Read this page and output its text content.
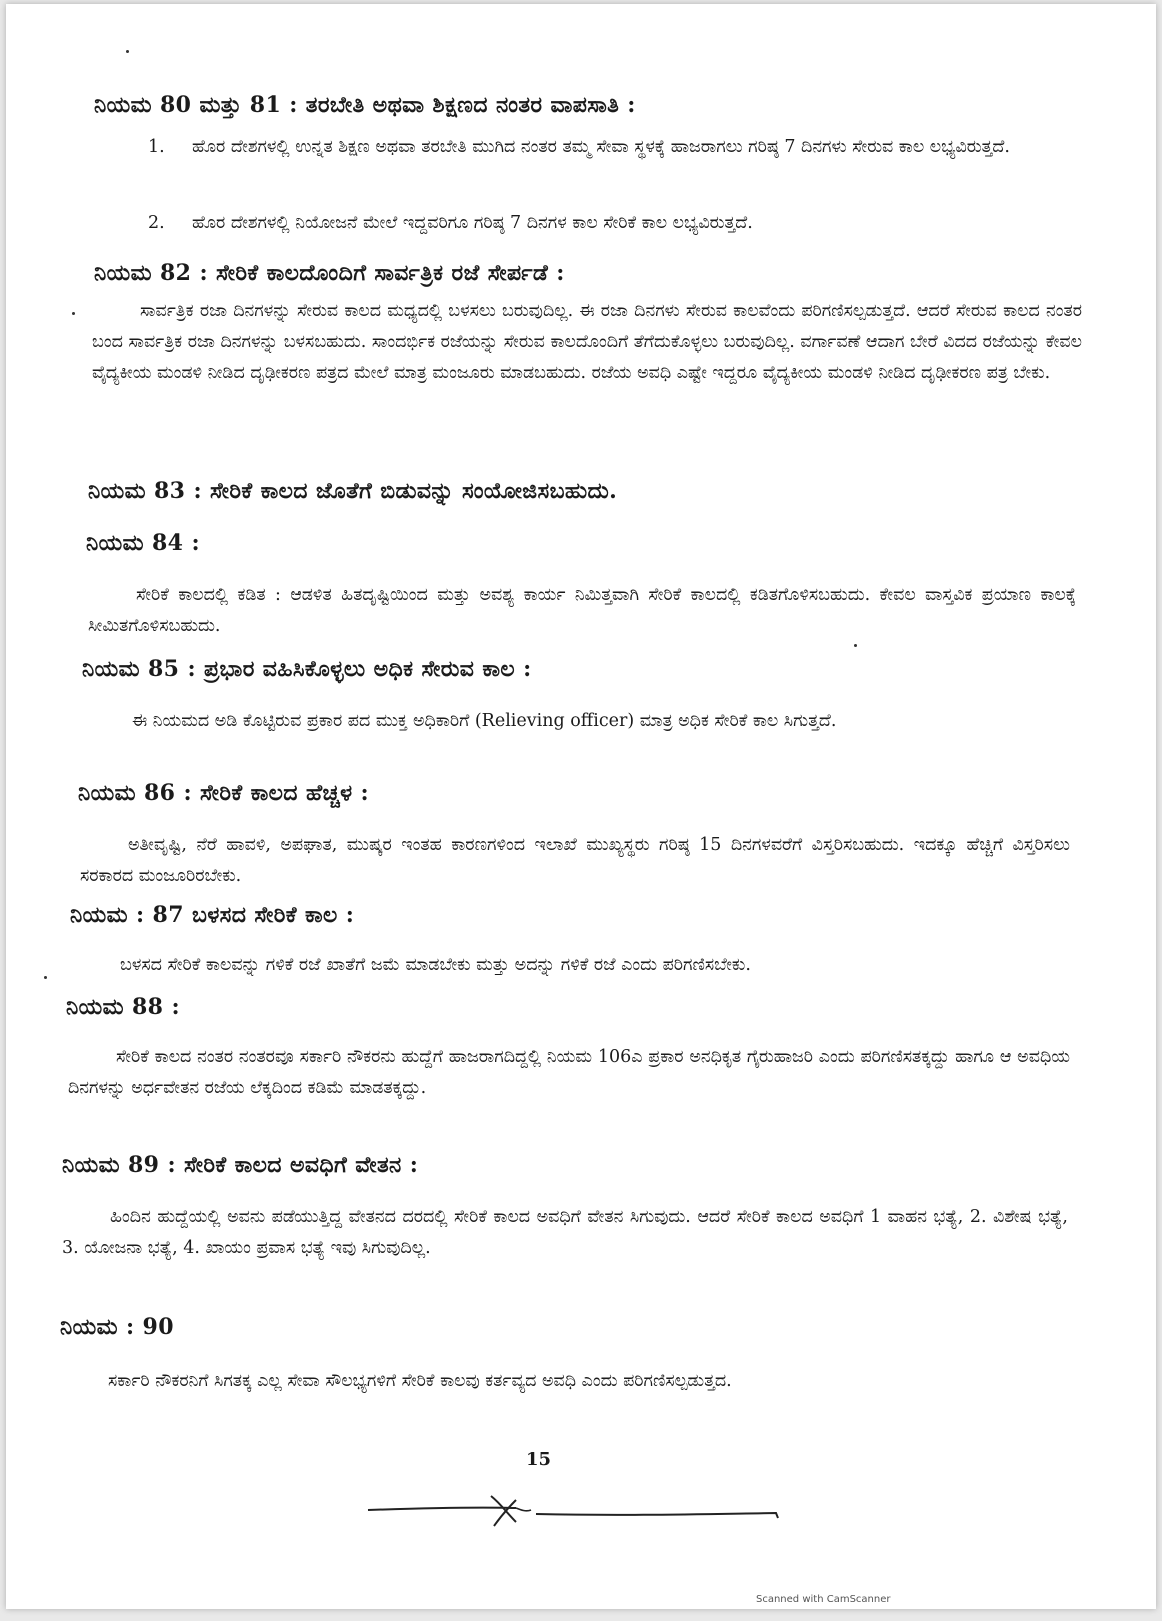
ನಿಯಮ 80 ಮತ್ತು 81 : ತರಬೇತಿ ಅಥವಾ ಶಿಕ್ಷಣದ ನಂತರ ವಾಪಸಾತಿ :
1.	ಹೊರ ದೇಶಗಳಲ್ಲಿ ಉನ್ನತ ಶಿಕ್ಷಣ ಅಥವಾ ತರಬೇತಿ ಮುಗಿದ ನಂತರ ತಮ್ಮ ಸೇವಾ ಸ್ಥಳಕ್ಕೆ ಹಾಜರಾಗಲು ಗರಿಷ್ಠ 7 ದಿನಗಳು ಸೇರುವ ಕಾಲ ಲಭ್ಯವಿರುತ್ತದೆ.
2.	ಹೊರ ದೇಶಗಳಲ್ಲಿ ನಿಯೋಜನೆ ಮೇಲೆ ಇದ್ದವರಿಗೂ ಗರಿಷ್ಠ 7 ದಿನಗಳ ಕಾಲ ಸೇರಿಕೆ ಕಾಲ ಲಭ್ಯವಿರುತ್ತದೆ.
ನಿಯಮ 82 : ಸೇರಿಕೆ ಕಾಲದೊಂದಿಗೆ ಸಾರ್ವತ್ರಿಕ ರಜೆ ಸೇರ್ಪಡೆ :

ಸಾರ್ವತ್ರಿಕ ರಜಾ ದಿನಗಳನ್ನು ಸೇರುವ ಕಾಲದ ಮಧ್ಯದಲ್ಲಿ ಬಳಸಲು ಬರುವುದಿಲ್ಲ. ಈ ರಜಾ ದಿನಗಳು ಸೇರುವ ಕಾಲವೆಂದು ಪರಿಗಣಿಸಲ್ಪಡುತ್ತದೆ. ಆದರೆ ಸೇರುವ ಕಾಲದ ನಂತರ ಬಂದ ಸಾರ್ವತ್ರಿಕ ರಜಾ ದಿನಗಳನ್ನು ಬಳಸಬಹುದು. ಸಾಂದರ್ಭಿಕ ರಜೆಯನ್ನು ಸೇರುವ ಕಾಲದೊಂದಿಗೆ ತೆಗೆದುಕೊಳ್ಳಲು ಬರುವುದಿಲ್ಲ. ವರ್ಗಾವಣೆ ಆದಾಗ ಬೇರೆ ವಿದದ ರಜೆಯನ್ನು ಕೇವಲ ವೈದ್ಯಕೀಯ ಮಂಡಳಿ ನೀಡಿದ ದೃಢೀಕರಣ ಪತ್ರದ ಮೇಲೆ ಮಾತ್ರ ಮಂಜೂರು ಮಾಡಬಹುದು. ರಜೆಯ ಅವಧಿ ಎಷ್ಟೇ ಇದ್ದರೂ ವೈದ್ಯಕೀಯ ಮಂಡಳಿ ನೀಡಿದ ದೃಢೀಕರಣ ಪತ್ರ ಬೇಕು.

ನಿಯಮ 83 : ಸೇರಿಕೆ ಕಾಲದ ಜೊತೆಗೆ ಬಿಡುವನ್ನು ಸಂಯೋಜಿಸಬಹುದು.
ನಿಯಮ 84 :

ಸೇರಿಕೆ ಕಾಲದಲ್ಲಿ ಕಡಿತ : ಆಡಳಿತ ಹಿತದೃಷ್ಟಿಯಿಂದ ಮತ್ತು ಅವಶ್ಯ ಕಾರ್ಯ ನಿಮಿತ್ತವಾಗಿ ಸೇರಿಕೆ ಕಾಲದಲ್ಲಿ ಕಡಿತಗೊಳಿಸಬಹುದು. ಕೇವಲ ವಾಸ್ತವಿಕ ಪ್ರಯಾಣ ಕಾಲಕ್ಕೆ ಸೀಮಿತಗೊಳಿಸಬಹುದು.

ನಿಯಮ 85 : ಪ್ರಭಾರ ವಹಿಸಿಕೊಳ್ಳಲು ಅಧಿಕ ಸೇರುವ ಕಾಲ :

ಈ ನಿಯಮದ ಅಡಿ ಕೊಟ್ಟಿರುವ ಪ್ರಕಾರ ಪದ ಮುಕ್ತ ಅಧಿಕಾರಿಗೆ (Relieving officer) ಮಾತ್ರ ಅಧಿಕ ಸೇರಿಕೆ ಕಾಲ ಸಿಗುತ್ತದೆ.

ನಿಯಮ 86 : ಸೇರಿಕೆ ಕಾಲದ ಹೆಚ್ಚಳ :

ಅತೀವೃಷ್ಟಿ, ನೆರೆ ಹಾವಳಿ, ಅಪಘಾತ, ಮುಷ್ಕರ ಇಂತಹ ಕಾರಣಗಳಿಂದ ಇಲಾಖೆ ಮುಖ್ಯಸ್ಥರು ಗರಿಷ್ಠ 15 ದಿನಗಳವರೆಗೆ ವಿಸ್ತರಿಸಬಹುದು. ಇದಕ್ಕೂ ಹೆಚ್ಚಿಗೆ ವಿಸ್ತರಿಸಲು ಸರಕಾರದ ಮಂಜೂರಿರಬೇಕು.

ನಿಯಮ : 87 ಬಳಸದ ಸೇರಿಕೆ ಕಾಲ :

ಬಳಸದ ಸೇರಿಕೆ ಕಾಲವನ್ನು ಗಳಿಕೆ ರಜೆ ಖಾತೆಗೆ ಜಮೆ ಮಾಡಬೇಕು ಮತ್ತು ಅದನ್ನು ಗಳಿಕೆ ರಜೆ ಎಂದು ಪರಿಗಣಿಸಬೇಕು.

ನಿಯಮ 88 :

ಸೇರಿಕೆ ಕಾಲದ ನಂತರ ನಂತರವೂ ಸರ್ಕಾರಿ ನೌಕರನು ಹುದ್ದೆಗೆ ಹಾಜರಾಗದಿದ್ದಲ್ಲಿ ನಿಯಮ 106ಎ ಪ್ರಕಾರ ಅನಧಿಕೃತ ಗೈರುಹಾಜರಿ ಎಂದು ಪರಿಗಣಿಸತಕ್ಕದ್ದು ಹಾಗೂ ಆ ಅವಧಿಯ ದಿನಗಳನ್ನು ಅರ್ಧವೇತನ ರಜೆಯ ಲೆಕ್ಕದಿಂದ ಕಡಿಮೆ ಮಾಡತಕ್ಕದ್ದು.

ನಿಯಮ 89 : ಸೇರಿಕೆ ಕಾಲದ ಅವಧಿಗೆ ವೇತನ :

ಹಿಂದಿನ ಹುದ್ದೆಯಲ್ಲಿ ಅವನು ಪಡೆಯುತ್ತಿದ್ದ ವೇತನದ ದರದಲ್ಲಿ ಸೇರಿಕೆ ಕಾಲದ ಅವಧಿಗೆ ವೇತನ ಸಿಗುವುದು. ಆದರೆ ಸೇರಿಕೆ ಕಾಲದ ಅವಧಿಗೆ 1 ವಾಹನ ಭತ್ಯೆ, 2. ವಿಶೇಷ ಭತ್ಯೆ, 3. ಯೋಜನಾ ಭತ್ಯೆ, 4. ಖಾಯಂ ಪ್ರವಾಸ ಭತ್ಯೆ ಇವು ಸಿಗುವುದಿಲ್ಲ.

ನಿಯಮ : 90

ಸರ್ಕಾರಿ ನೌಕರನಿಗೆ ಸಿಗತಕ್ಕ ಎಲ್ಲ ಸೇವಾ ಸೌಲಭ್ಯಗಳಿಗೆ ಸೇರಿಕೆ ಕಾಲವು ಕರ್ತವ್ಯದ ಅವಧಿ ಎಂದು ಪರಿಗಣಿಸಲ್ಪಡುತ್ತದ.

15
Scanned with CamScanner
